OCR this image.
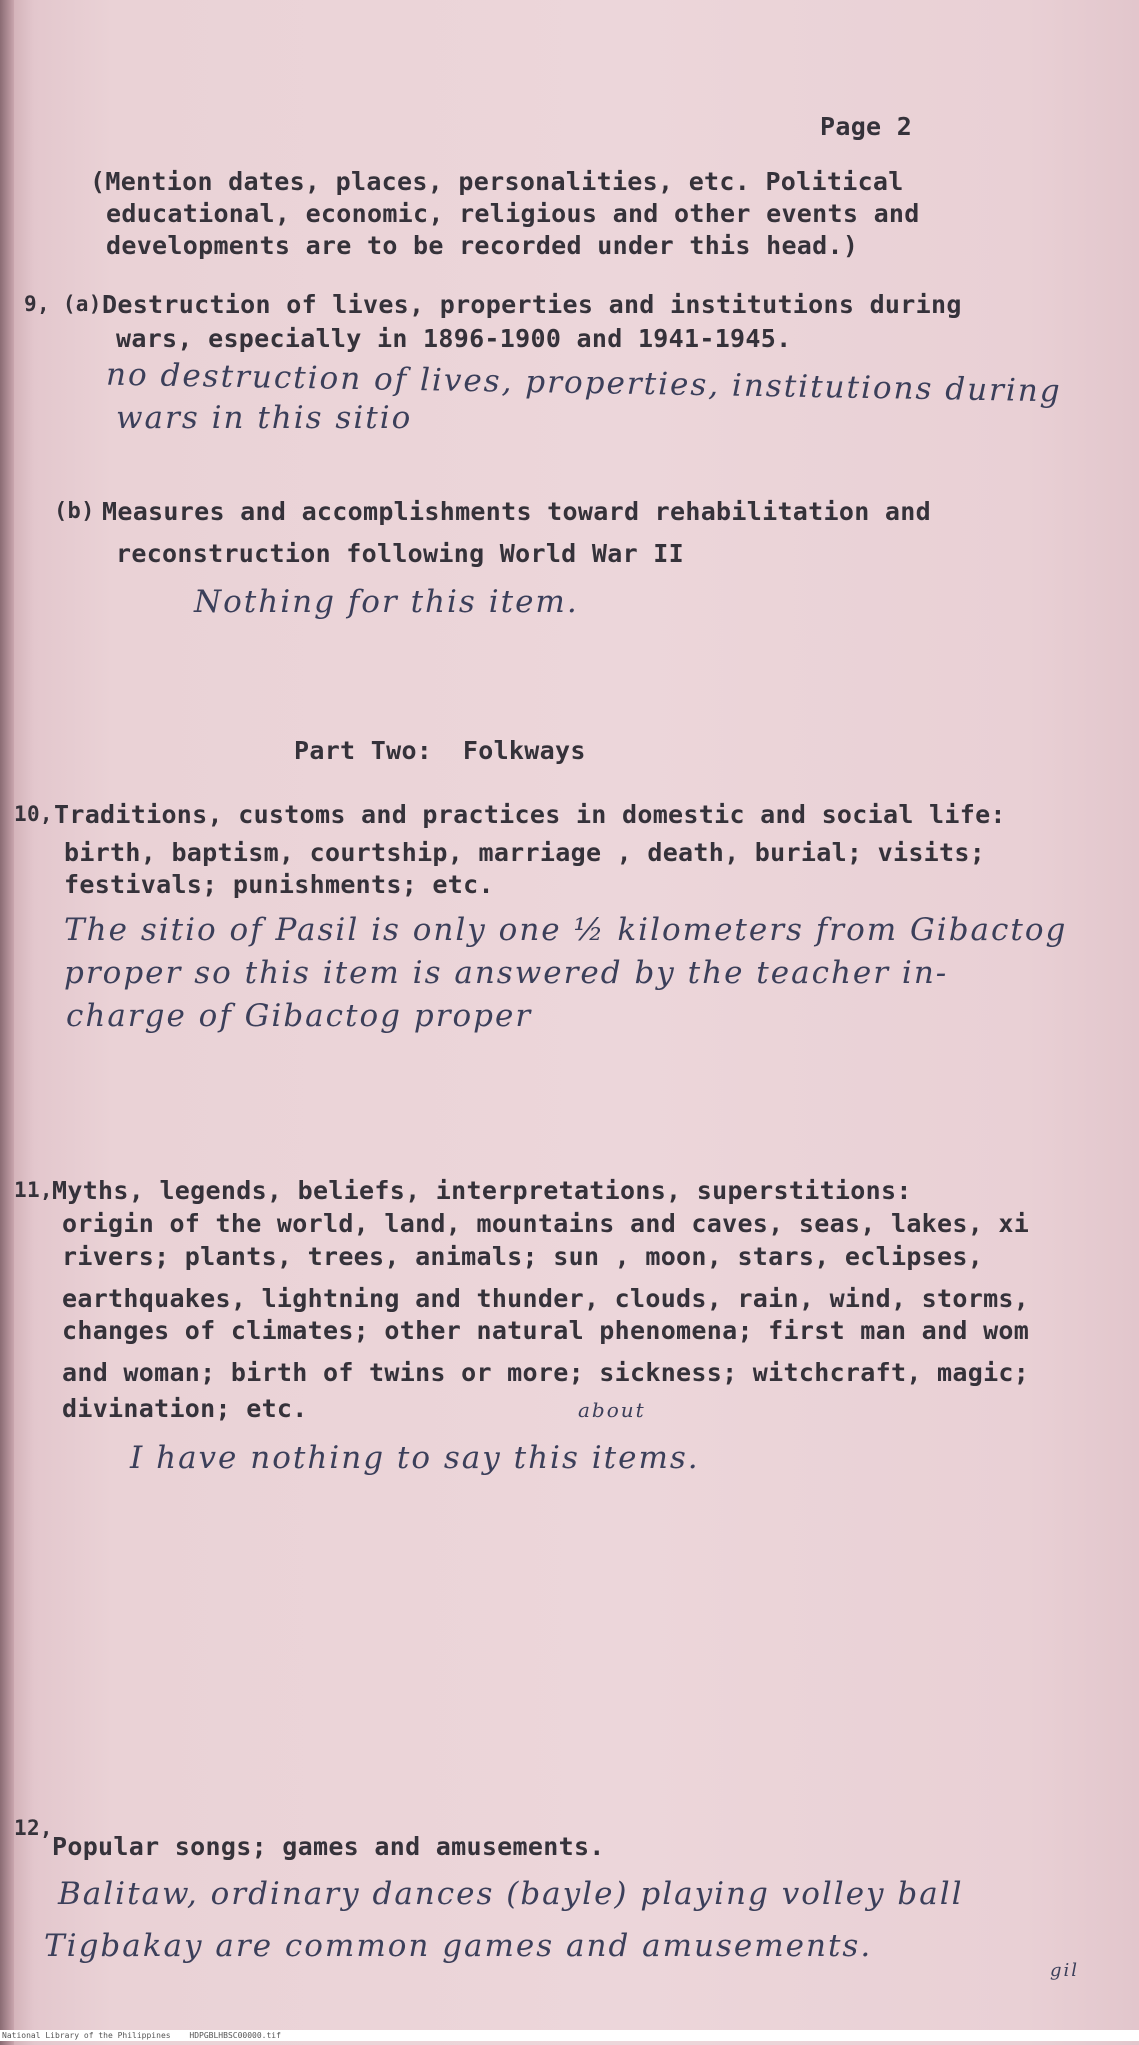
Page 2
(Mention dates, places, personalities, etc. Political
educational, economic, religious and other events and
developments are to be recorded under this head.)
9, (a) Destruction of lives, properties and institutions during
wars, especially in 1896-1900 and 1941-1945.
no destruction of lives, properties, institutions during
wars in this sitio

(b) Measures and accomplishments toward rehabilitation and
reconstruction following World War II
Nothing for this item.
Part Two:  Folkways
10, Traditions, customs and practices in domestic and social life:
birth, baptism, courtship, marriage , death, burial; visits;
festivals; punishments; etc.
The sitio of Pasil is only one ½ kilometers from Gibactog
proper so this item is answered by the teacher in-
charge of Gibactog proper
11, Myths, legends, beliefs, interpretations, superstitions:
origin of the world, land, mountains and caves, seas, lakes, xi
rivers; plants, trees, animals; sun , moon, stars, eclipses,
earthquakes, lightning and thunder, clouds, rain, wind, storms,
changes of climates; other natural phenomena; first man and wom
and woman; birth of twins or more; sickness; witchcraft, magic;
divination; etc.	about
I have nothing to say this items.
12,
Popular songs; games and amusements.
Balitaw, ordinary dances (bayle) playing volley ball
Tigbakay are common games and amusements.
gil
National Library of the Philippines HDPGBLHBSC00000.tif
